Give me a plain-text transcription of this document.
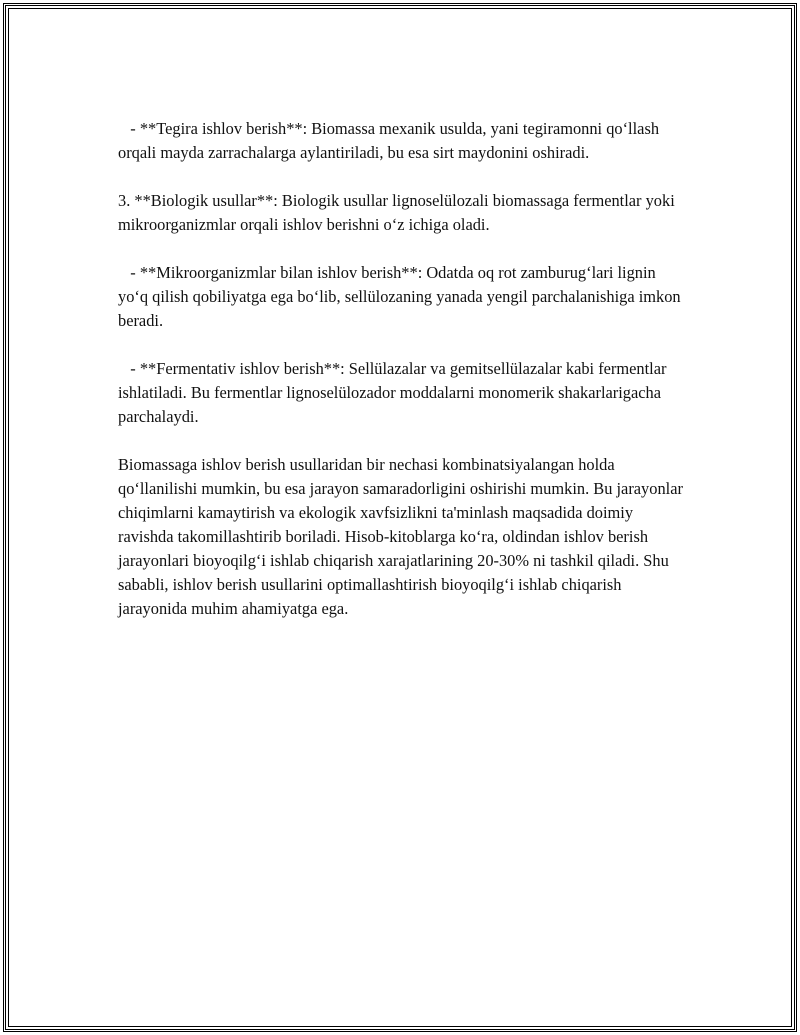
- **Tegira ishlov berish**: Biomassa mexanik usulda, yani tegiramonni qo‘llash orqali mayda zarrachalarga aylantiriladi, bu esa sirt maydonini oshiradi.

3. **Biologik usullar**: Biologik usullar lignoselülozali biomassaga fermentlar yoki mikroorganizmlar orqali ishlov berishni o‘z ichiga oladi.

- **Mikroorganizmlar bilan ishlov berish**: Odatda oq rot zamburug‘lari lignin yo‘q qilish qobiliyatga ega bo‘lib, sellülozaning yanada yengil parchalanishiga imkon beradi.

- **Fermentativ ishlov berish**: Sellülazalar va gemitsellülazalar kabi fermentlar ishlatiladi. Bu fermentlar lignoselülozador moddalarni monomerik shakarlarigacha parchalaydi.

Biomassaga ishlov berish usullaridan bir nechasi kombinatsiyalangan holda qo‘llanilishi mumkin, bu esa jarayon samaradorligini oshirishi mumkin. Bu jarayonlar chiqimlarni kamaytirish va ekologik xavfsizlikni ta'minlash maqsadida doimiy ravishda takomillashtirib boriladi. Hisob-kitoblarga ko‘ra, oldindan ishlov berish jarayonlari bioyoqilg‘i ishlab chiqarish xarajatlarining 20-30% ni tashkil qiladi. Shu sababli, ishlov berish usullarini optimallashtirish bioyoqilg‘i ishlab chiqarish jarayonida muhim ahamiyatga ega.
